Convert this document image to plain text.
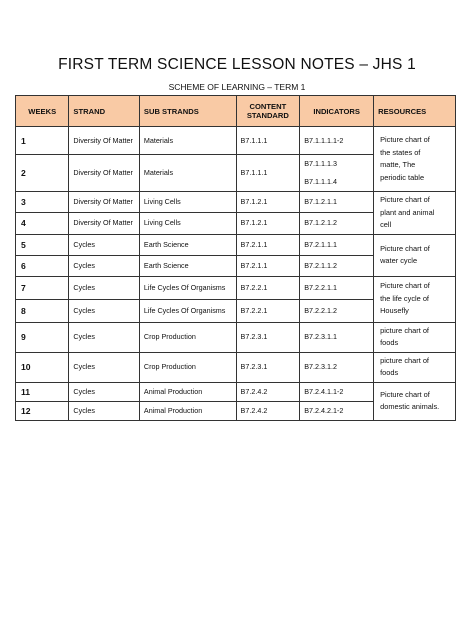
FIRST TERM SCIENCE LESSON NOTES – JHS 1
SCHEME OF LEARNING – TERM 1
WEEKS	STRAND	SUB STRANDS	CONTENT STANDARD	INDICATORS	RESOURCES
1	Diversity Of Matter	Materials	B7.1.1.1	B7.1.1.1.1-2	Picture chart of
the states of
matte, The
periodic table

2	Diversity Of Matter	Materials	B7.1.1.1	B7.1.1.1.3
B7.1.1.1.4	

3	Diversity Of Matter	Living Cells	B7.1.2.1	B7.1.2.1.1	Picture chart of
plant and animal
cell

4	Diversity Of Matter	Living Cells	B7.1.2.1	B7.1.2.1.2	
5	Cycles	Earth Science	B7.2.1.1	B7.2.1.1.1	Picture chart of
water cycle

6	Cycles	Earth Science	B7.2.1.1	B7.2.1.1.2	
7	Cycles	Life Cycles Of Organisms	B7.2.2.1	B7.2.2.1.1	Picture chart of
the life cycle of
Housefly

8	Cycles	Life Cycles Of Organisms	B7.2.2.1	B7.2.2.1.2	
9	Cycles	Crop Production	B7.2.3.1	B7.2.3.1.1	picture chart of
foods

10	Cycles	Crop Production	B7.2.3.1	B7.2.3.1.2	picture chart of
foods

11	Cycles	Animal Production	B7.2.4.2	B7.2.4.1.1-2	Picture chart of
domestic animals.

12	Cycles	Animal Production	B7.2.4.2	B7.2.4.2.1-2	
